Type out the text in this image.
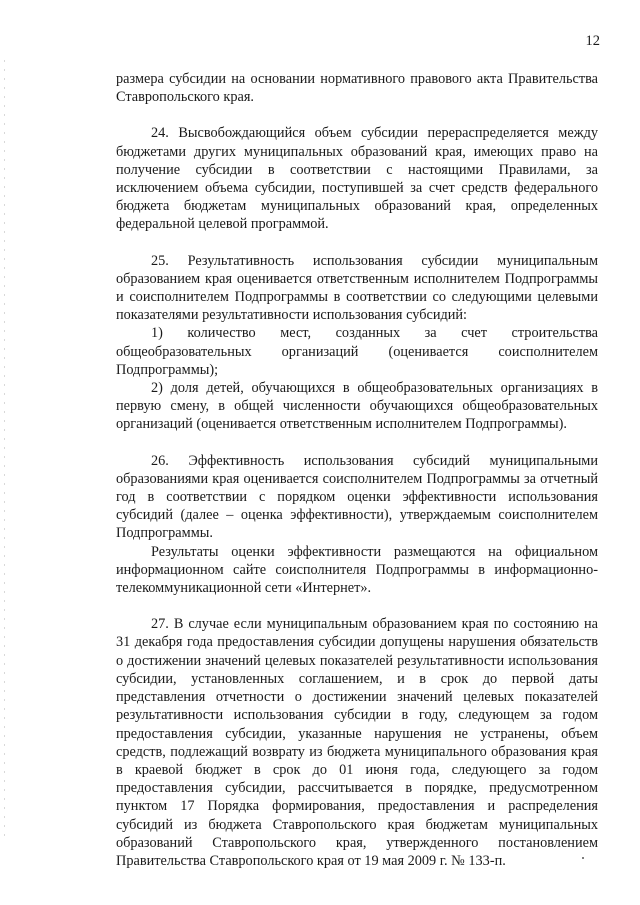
12

размера субсидии на основании нормативного правового акта Правительства Ставропольского края.

24. Высвобождающийся объем субсидии перераспределяется между бюджетами других муниципальных образований края, имеющих право на получение субсидии в соответствии с настоящими Правилами, за исключением объема субсидии, поступившей за счет средств федерального бюджета бюджетам муниципальных образований края, определенных федеральной целевой программой.

25. Результативность использования субсидии муниципальным образованием края оценивается ответственным исполнителем Подпрограммы и соисполнителем Подпрограммы в соответствии со следующими целевыми показателями результативности использования субсидий:

1) количество мест, созданных за счет строительства общеобразовательных организаций (оценивается соисполнителем Подпрограммы);

2) доля детей, обучающихся в общеобразовательных организациях в первую смену, в общей численности обучающихся общеобразовательных организаций (оценивается ответственным исполнителем Подпрограммы).

26. Эффективность использования субсидий муниципальными образованиями края оценивается соисполнителем Подпрограммы за отчетный год в соответствии с порядком оценки эффективности использования субсидий (далее – оценка эффективности), утверждаемым соисполнителем Подпрограммы.

Результаты оценки эффективности размещаются на официальном информационном сайте соисполнителя Подпрограммы в информационно-телекоммуникационной сети «Интернет».

27. В случае если муниципальным образованием края по состоянию на 31 декабря года предоставления субсидии допущены нарушения обязательств о достижении значений целевых показателей результативности использования субсидии, установленных соглашением, и в срок до первой даты представления отчетности о достижении значений целевых показателей результативности использования субсидии в году, следующем за годом предоставления субсидии, указанные нарушения не устранены, объем средств, подлежащий возврату из бюджета муниципального образования края в краевой бюджет в срок до 01 июня года, следующего за годом предоставления субсидии, рассчитывается в порядке, предусмотренном пунктом 17 Порядка формирования, предоставления и распределения субсидий из бюджета Ставропольского края бюджетам муниципальных образований Ставропольского края, утвержденного постановлением Правительства Ставропольского края от 19 мая 2009 г. № 133-п.
